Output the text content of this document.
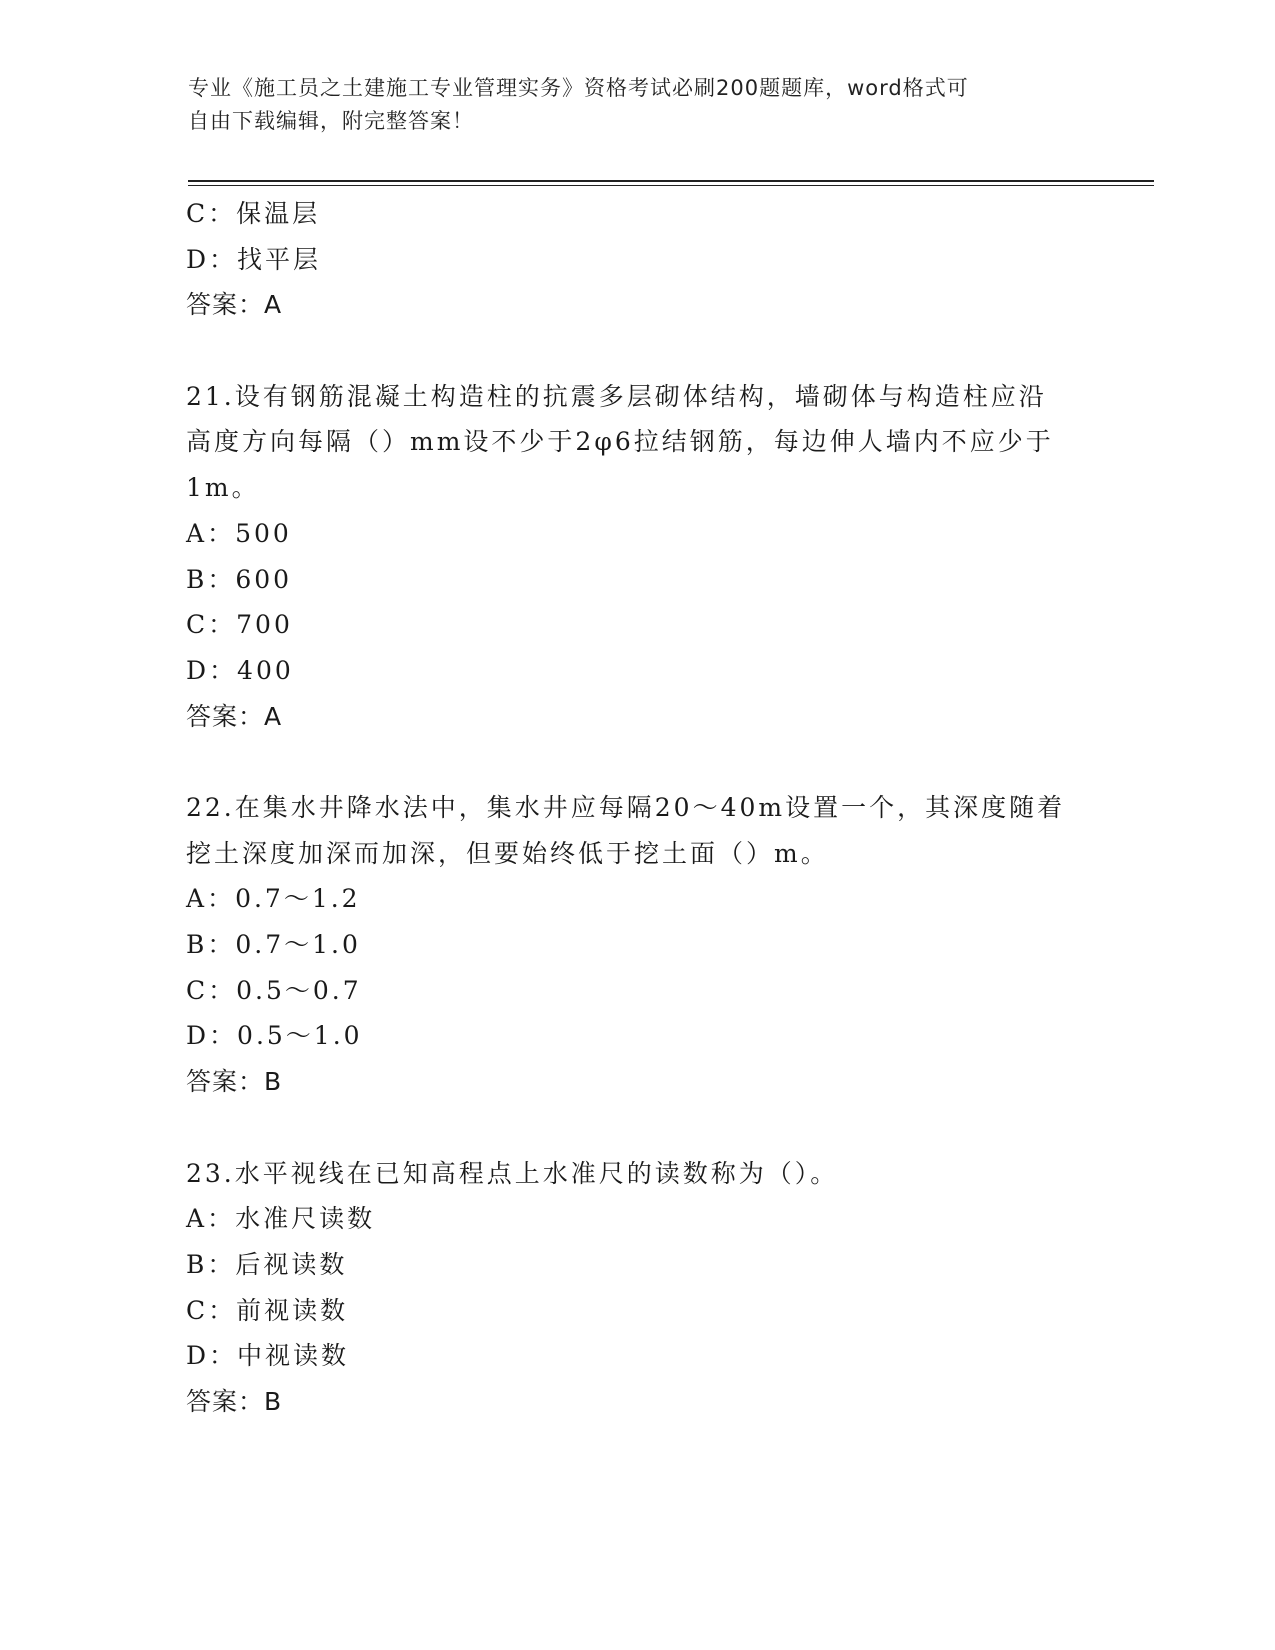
专业《施工员之土建施工专业管理实务》资格考试必刷200题题库，word格式可
自由下载编辑，附完整答案！
C：保温层
D：找平层
答案：A
21.设有钢筋混凝土构造柱的抗震多层砌体结构，墙砌体与构造柱应沿高度方向每隔（）mm设不少于2φ6拉结钢筋，每边伸人墙内不应少于1m。
A：500
B：600
C：700
D：400
答案：A
22.在集水井降水法中，集水井应每隔20～40m设置一个，其深度随着挖土深度加深而加深，但要始终低于挖土面（）m。
A：0.7～1.2
B：0.7～1.0
C：0.5～0.7
D：0.5～1.0
答案：B
23.水平视线在已知高程点上水准尺的读数称为（）。
A：水准尺读数
B：后视读数
C：前视读数
D：中视读数
答案：B
